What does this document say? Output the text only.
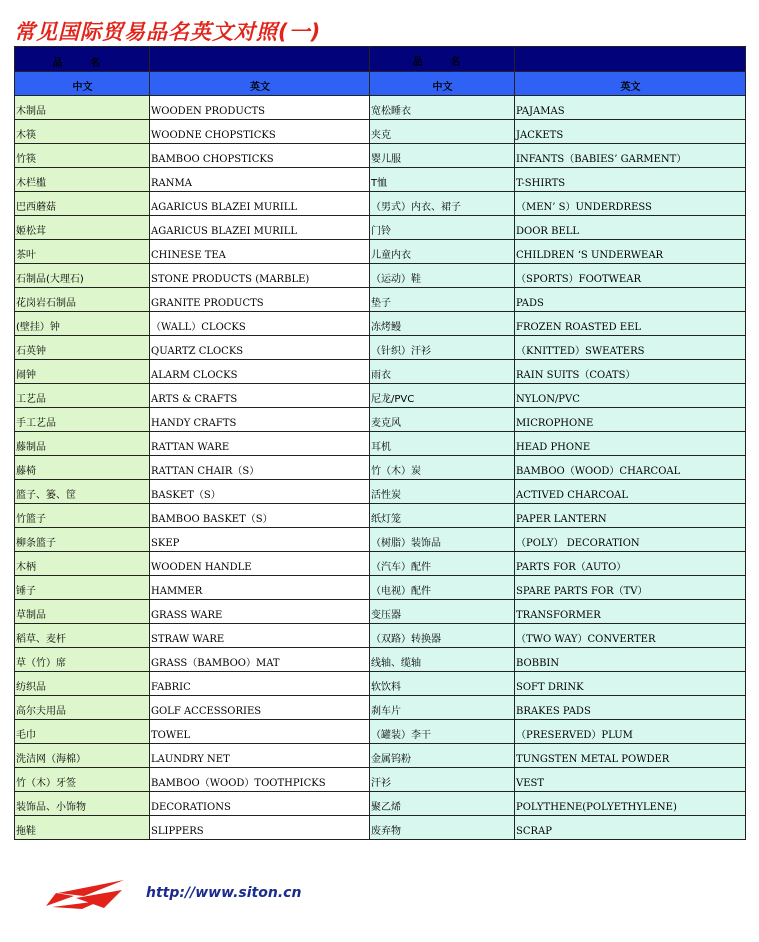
常见国际贸易品名英文对照(一)
品 名		品 名	
中文	英文	中文	英文
木制品	WOODEN PRODUCTS	宽松睡衣	PAJAMAS
木筷	WOODNE CHOPSTICKS	夹克	JACKETS
竹筷	BAMBOO CHOPSTICKS	婴儿服	INFANTS（BABIES’ GARMENT）
木栏槛	RANMA	T恤	T-SHIRTS
巴西蘑菇	AGARICUS BLAZEI MURILL	（男式）内衣、裙子	（MEN’ S）UNDERDRESS
姬松茸	AGARICUS BLAZEI MURILL	门铃	DOOR BELL
茶叶	CHINESE TEA	儿童内衣	CHILDREN ‘S UNDERWEAR
石制品(大理石)	STONE PRODUCTS (MARBLE)	（运动）鞋	（SPORTS）FOOTWEAR
花岗岩石制品	GRANITE PRODUCTS	垫子	PADS
(壁挂）钟	（WALL）CLOCKS	冻烤鳗	FROZEN ROASTED EEL
石英钟	QUARTZ CLOCKS	（针织）汗衫	（KNITTED）SWEATERS
闹钟	ALARM CLOCKS	雨衣	RAIN SUITS（COATS）
工艺品	ARTS & CRAFTS	尼龙/PVC	NYLON/PVC
手工艺品	HANDY CRAFTS	麦克风	MICROPHONE
藤制品	RATTAN WARE	耳机	HEAD PHONE
藤椅	RATTAN CHAIR（S）	竹（木）炭	BAMBOO（WOOD）CHARCOAL
篮子、篓、筐	BASKET（S）	活性炭	ACTIVED CHARCOAL
竹篮子	BAMBOO BASKET（S）	纸灯笼	PAPER LANTERN
柳条篮子	SKEP	（树脂）装饰品	（POLY） DECORATION
木柄	WOODEN HANDLE	（汽车）配件	PARTS FOR（AUTO）
锤子	HAMMER	（电视）配件	SPARE PARTS FOR（TV）
草制品	GRASS WARE	变压器	TRANSFORMER
稻草、麦杆	STRAW WARE	（双路）转换器	（TWO WAY）CONVERTER
草（竹）席	GRASS（BAMBOO）MAT	线轴、缆轴	BOBBIN
纺织品	FABRIC	软饮料	SOFT DRINK
高尔夫用品	GOLF ACCESSORIES	刹车片	BRAKES PADS
毛巾	TOWEL	（罐装）李干	（PRESERVED）PLUM
洗洁网（海棉）	LAUNDRY NET	金属钨粉	TUNGSTEN METAL POWDER
竹（木）牙签	BAMBOO（WOOD）TOOTHPICKS	汗衫	VEST
装饰品、小饰物	DECORATIONS	聚乙烯	POLYTHENE(POLYETHYLENE)
拖鞋	SLIPPERS	废弃物	SCRAP
http://www.siton.cn
